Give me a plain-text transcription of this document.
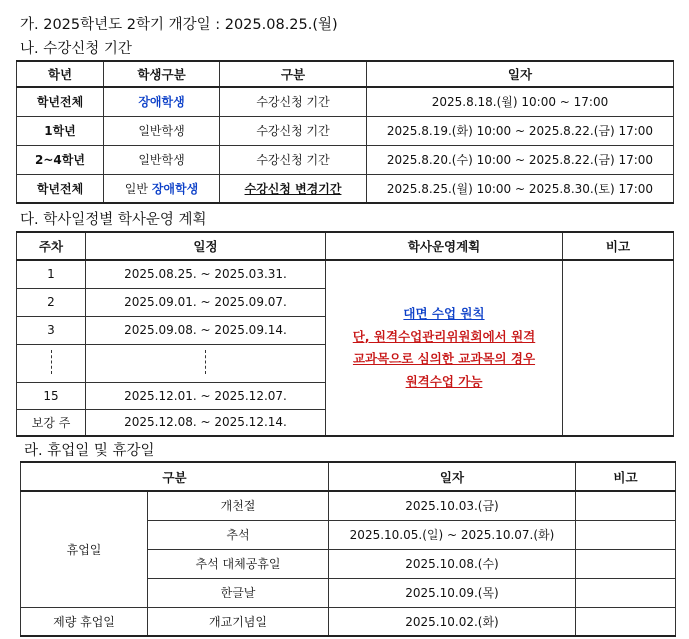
가. 2025학년도 2학기 개강일 : 2025.08.25.(월)
나. 수강신청 기간
학년	학생구분	구분	일자
학년전체	장애학생	수강신청 기간	2025.8.18.(월) 10:00 ~ 17:00
1학년	일반학생	수강신청 기간	2025.8.19.(화) 10:00 ~ 2025.8.22.(금) 17:00
2~4학년	일반학생	수강신청 기간	2025.8.20.(수) 10:00 ~ 2025.8.22.(금) 17:00
학년전체	일반 장애학생	수강신청 변경기간	2025.8.25.(월) 10:00 ~ 2025.8.30.(토) 17:00
다. 학사일정별 학사운영 계획
주차	일정	학사운영계획	비고
1	2025.08.25. ~ 2025.03.31.	대면 수업 원칙
단, 원격수업관리위원회에서 원격
교과목으로 심의한 교과목의 경우
원격수업 가능	

2	2025.09.01. ~ 2025.09.07.		
3	2025.09.08. ~ 2025.09.14.		

15	2025.12.01. ~ 2025.12.07.		
보강 주	2025.12.08. ~ 2025.12.14.		
라. 휴업일 및 휴강일
구분		일자	비고
휴업일	개천절	2025.10.03.(금)	
	추석	2025.10.05.(일) ~ 2025.10.07.(화)	
	추석 대체공휴일	2025.10.08.(수)	
	한글날	2025.10.09.(목)	
제량 휴업일	개교기념일	2025.10.02.(화)	
